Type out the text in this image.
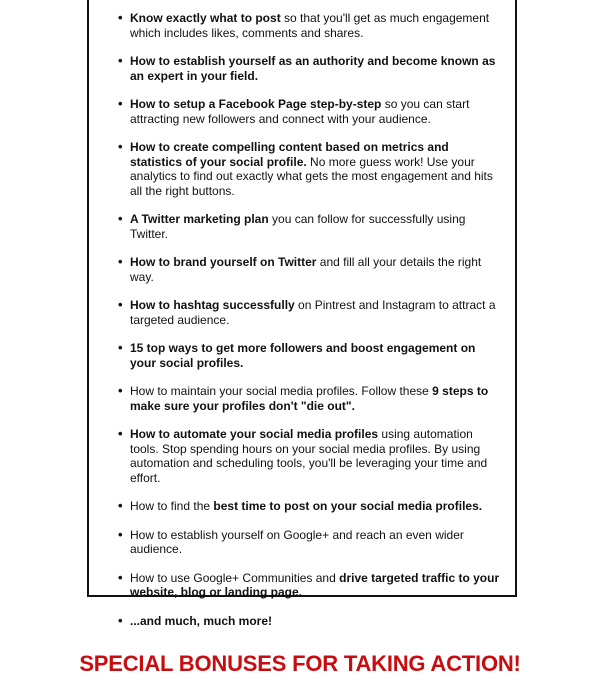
• Know exactly what to post so that you'll get as much engagement which includes likes, comments and shares.
• How to establish yourself as an authority and become known as an expert in your field.
• How to setup a Facebook Page step-by-step so you can start attracting new followers and connect with your audience.
• How to create compelling content based on metrics and statistics of your social profile. No more guess work! Use your analytics to find out exactly what gets the most engagement and hits all the right buttons.
• A Twitter marketing plan you can follow for successfully using Twitter.
• How to brand yourself on Twitter and fill all your details the right way.
• How to hashtag successfully on Pintrest and Instagram to attract a targeted audience.
• 15 top ways to get more followers and boost engagement on your social profiles.
• How to maintain your social media profiles. Follow these 9 steps to make sure your profiles don't "die out".
• How to automate your social media profiles using automation tools. Stop spending hours on your social media profiles. By using automation and scheduling tools, you'll be leveraging your time and effort.
• How to find the best time to post on your social media profiles.
• How to establish yourself on Google+ and reach an even wider audience.
• How to use Google+ Communities and drive targeted traffic to your website, blog or landing page.
• ...and much, much more!
SPECIAL BONUSES FOR TAKING ACTION!
